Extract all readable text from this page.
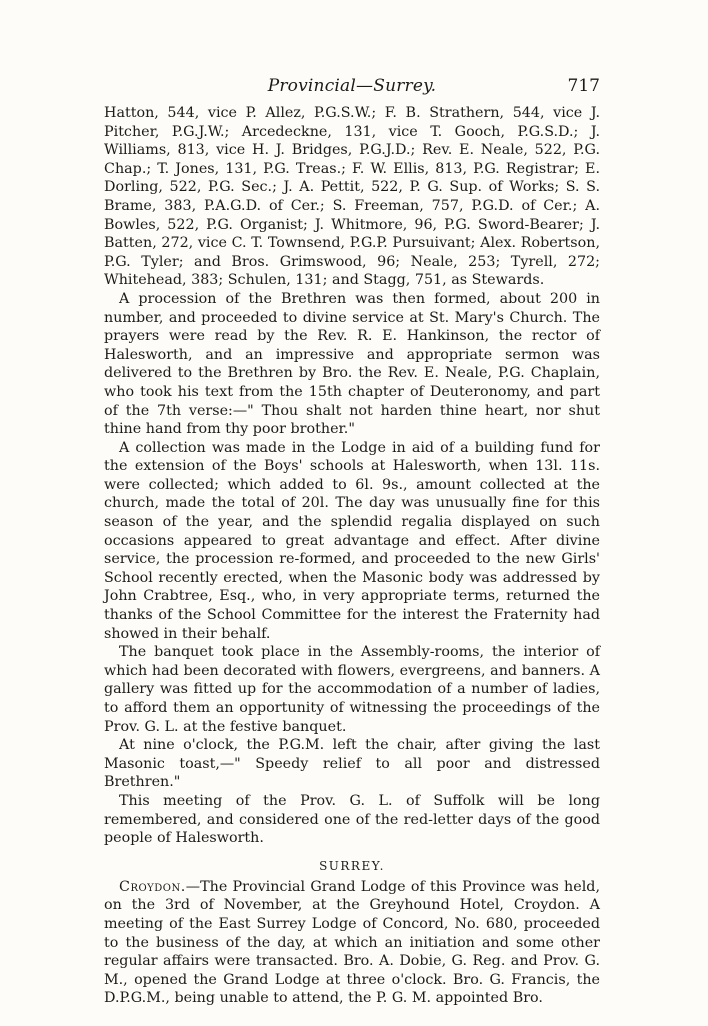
Provincial—Surrey.	717

Hatton, 544, vice P. Allez, P.G.S.W.; F. B. Strathern, 544, vice J. Pitcher, P.G.J.W.; Arcedeckne, 131, vice T. Gooch, P.G.S.D.; J. Williams, 813, vice H. J. Bridges, P.G.J.D.; Rev. E. Neale, 522, P.G. Chap.; T. Jones, 131, P.G. Treas.; F. W. Ellis, 813, P.G. Registrar; E. Dorling, 522, P.G. Sec.; J. A. Pettit, 522, P. G. Sup. of Works; S. S. Brame, 383, P.A.G.D. of Cer.; S. Freeman, 757, P.G.D. of Cer.; A. Bowles, 522, P.G. Organist; J. Whitmore, 96, P.G. Sword-Bearer; J. Batten, 272, vice C. T. Townsend, P.G.P. Pursuivant; Alex. Robertson, P.G. Tyler; and Bros. Grimswood, 96; Neale, 253; Tyrell, 272; Whitehead, 383; Schulen, 131; and Stagg, 751, as Stewards.

A procession of the Brethren was then formed, about 200 in number, and proceeded to divine service at St. Mary's Church. The prayers were read by the Rev. R. E. Hankinson, the rector of Halesworth, and an impressive and appropriate sermon was delivered to the Brethren by Bro. the Rev. E. Neale, P.G. Chaplain, who took his text from the 15th chapter of Deuteronomy, and part of the 7th verse:—" Thou shalt not harden thine heart, nor shut thine hand from thy poor brother."

A collection was made in the Lodge in aid of a building fund for the extension of the Boys' schools at Halesworth, when 13l. 11s. were collected; which added to 6l. 9s., amount collected at the church, made the total of 20l. The day was unusually fine for this season of the year, and the splendid regalia displayed on such occasions appeared to great advantage and effect. After divine service, the procession re-formed, and proceeded to the new Girls' School recently erected, when the Masonic body was addressed by John Crabtree, Esq., who, in very appropriate terms, returned the thanks of the School Committee for the interest the Fraternity had showed in their behalf.

The banquet took place in the Assembly-rooms, the interior of which had been decorated with flowers, evergreens, and banners. A gallery was fitted up for the accommodation of a number of ladies, to afford them an opportunity of witnessing the proceedings of the Prov. G. L. at the festive banquet.

At nine o'clock, the P.G.M. left the chair, after giving the last Masonic toast,—" Speedy relief to all poor and distressed Brethren."

This meeting of the Prov. G. L. of Suffolk will be long remembered, and considered one of the red-letter days of the good people of Halesworth.

SURREY.

Croydon.—The Provincial Grand Lodge of this Province was held, on the 3rd of November, at the Greyhound Hotel, Croydon. A meeting of the East Surrey Lodge of Concord, No. 680, proceeded to the business of the day, at which an initiation and some other regular affairs were transacted. Bro. A. Dobie, G. Reg. and Prov. G. M., opened the Grand Lodge at three o'clock. Bro. G. Francis, the D.P.G.M., being unable to attend, the P. G. M. appointed Bro.
